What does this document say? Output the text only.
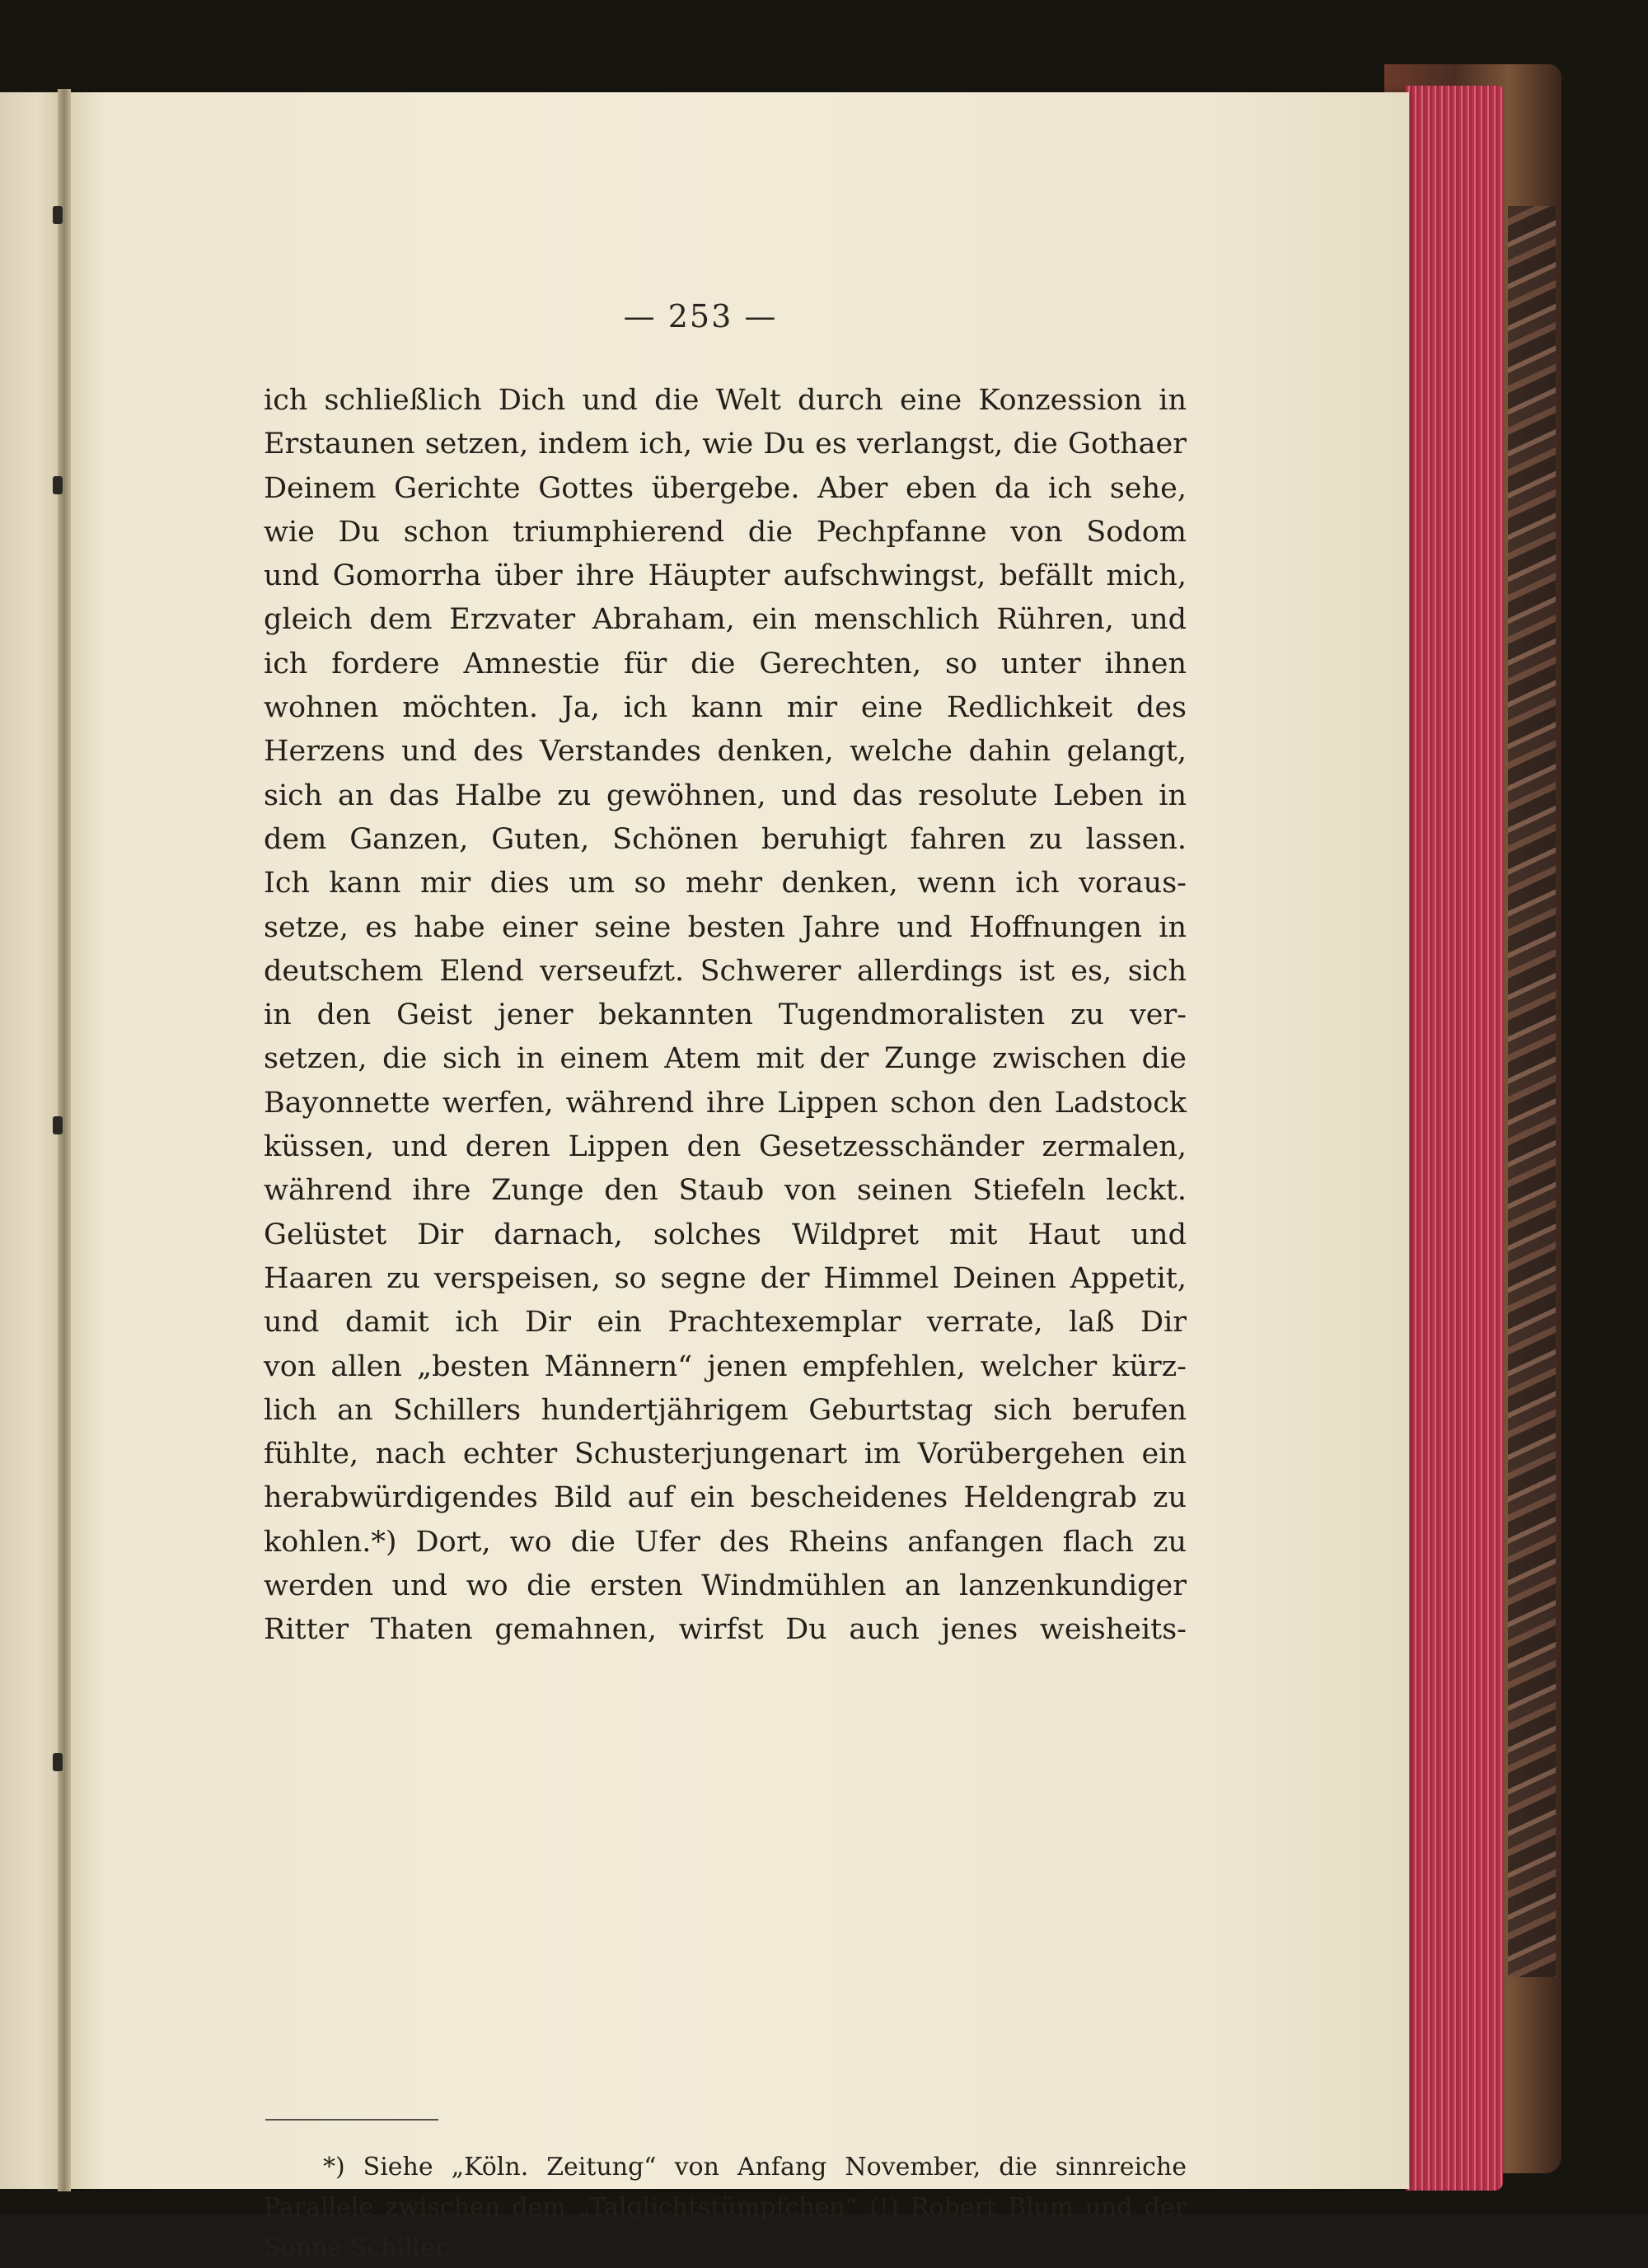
— 253 —
ich schließlich Dich und die Welt durch eine Konzession in
Erstaunen setzen, indem ich, wie Du es verlangst, die Gothaer
Deinem Gerichte Gottes übergebe. Aber eben da ich sehe,
wie Du schon triumphierend die Pechpfanne von Sodom
und Gomorrha über ihre Häupter aufschwingst, befällt mich,
gleich dem Erzvater Abraham, ein menschlich Rühren, und
ich fordere Amnestie für die Gerechten, so unter ihnen
wohnen möchten. Ja, ich kann mir eine Redlichkeit des
Herzens und des Verstandes denken, welche dahin gelangt,
sich an das Halbe zu gewöhnen, und das resolute Leben in
dem Ganzen, Guten, Schönen beruhigt fahren zu lassen.
Ich kann mir dies um so mehr denken, wenn ich voraus-
setze, es habe einer seine besten Jahre und Hoffnungen in
deutschem Elend verseufzt. Schwerer allerdings ist es, sich
in den Geist jener bekannten Tugendmoralisten zu ver-
setzen, die sich in einem Atem mit der Zunge zwischen die
Bayonnette werfen, während ihre Lippen schon den Ladstock
küssen, und deren Lippen den Gesetzesschänder zermalen,
während ihre Zunge den Staub von seinen Stiefeln leckt.
Gelüstet Dir darnach, solches Wildpret mit Haut und
Haaren zu verspeisen, so segne der Himmel Deinen Appetit,
und damit ich Dir ein Prachtexemplar verrate, laß Dir
von allen „besten Männern“ jenen empfehlen, welcher kürz-
lich an Schillers hundertjährigem Geburtstag sich berufen
fühlte, nach echter Schusterjungenart im Vorübergehen ein
herabwürdigendes Bild auf ein bescheidenes Heldengrab zu
kohlen.*) Dort, wo die Ufer des Rheins anfangen flach zu
werden und wo die ersten Windmühlen an lanzenkundiger
Ritter Thaten gemahnen, wirfst Du auch jenes weisheits-
*) Siehe „Köln. Zeitung“ von Anfang November, die sinnreiche
Parallele zwischen dem „Talglichtstümpfchen“ (!) Robert Blum und der
Sonne Schiller.
